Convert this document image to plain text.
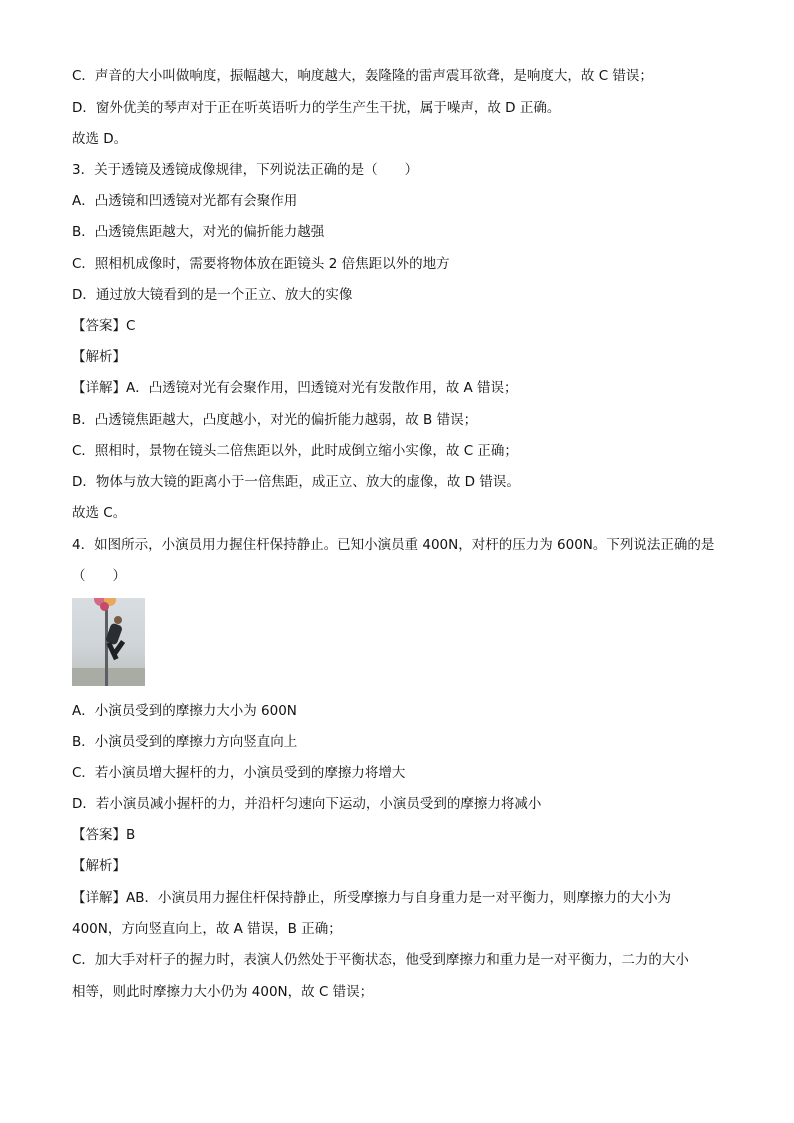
C．声音的大小叫做响度，振幅越大，响度越大，轰隆隆的雷声震耳欲聋，是响度大，故 C 错误；
D．窗外优美的琴声对于正在听英语听力的学生产生干扰，属于噪声，故 D 正确。
故选 D。
3．关于透镜及透镜成像规律，下列说法正确的是（　　）
A．凸透镜和凹透镜对光都有会聚作用
B．凸透镜焦距越大，对光的偏折能力越强
C．照相机成像时，需要将物体放在距镜头 2 倍焦距以外的地方
D．通过放大镜看到的是一个正立、放大的实像
【答案】C
【解析】
【详解】A．凸透镜对光有会聚作用，凹透镜对光有发散作用，故 A 错误；
B．凸透镜焦距越大，凸度越小，对光的偏折能力越弱，故 B 错误；
C．照相时，景物在镜头二倍焦距以外，此时成倒立缩小实像，故 C 正确；
D．物体与放大镜的距离小于一倍焦距，成正立、放大的虚像，故 D 错误。
故选 C。
4．如图所示，小演员用力握住杆保持静止。已知小演员重 400N，对杆的压力为 600N。下列说法正确的是
（　　）
A．小演员受到的摩擦力大小为 600N
B．小演员受到的摩擦力方向竖直向上
C．若小演员增大握杆的力，小演员受到的摩擦力将增大
D．若小演员减小握杆的力，并沿杆匀速向下运动，小演员受到的摩擦力将减小
【答案】B
【解析】
【详解】AB．小演员用力握住杆保持静止，所受摩擦力与自身重力是一对平衡力，则摩擦力的大小为
400N，方向竖直向上，故 A 错误，B 正确；
C．加大手对杆子的握力时，表演人仍然处于平衡状态，他受到摩擦力和重力是一对平衡力，二力的大小
相等，则此时摩擦力大小仍为 400N，故 C 错误；
